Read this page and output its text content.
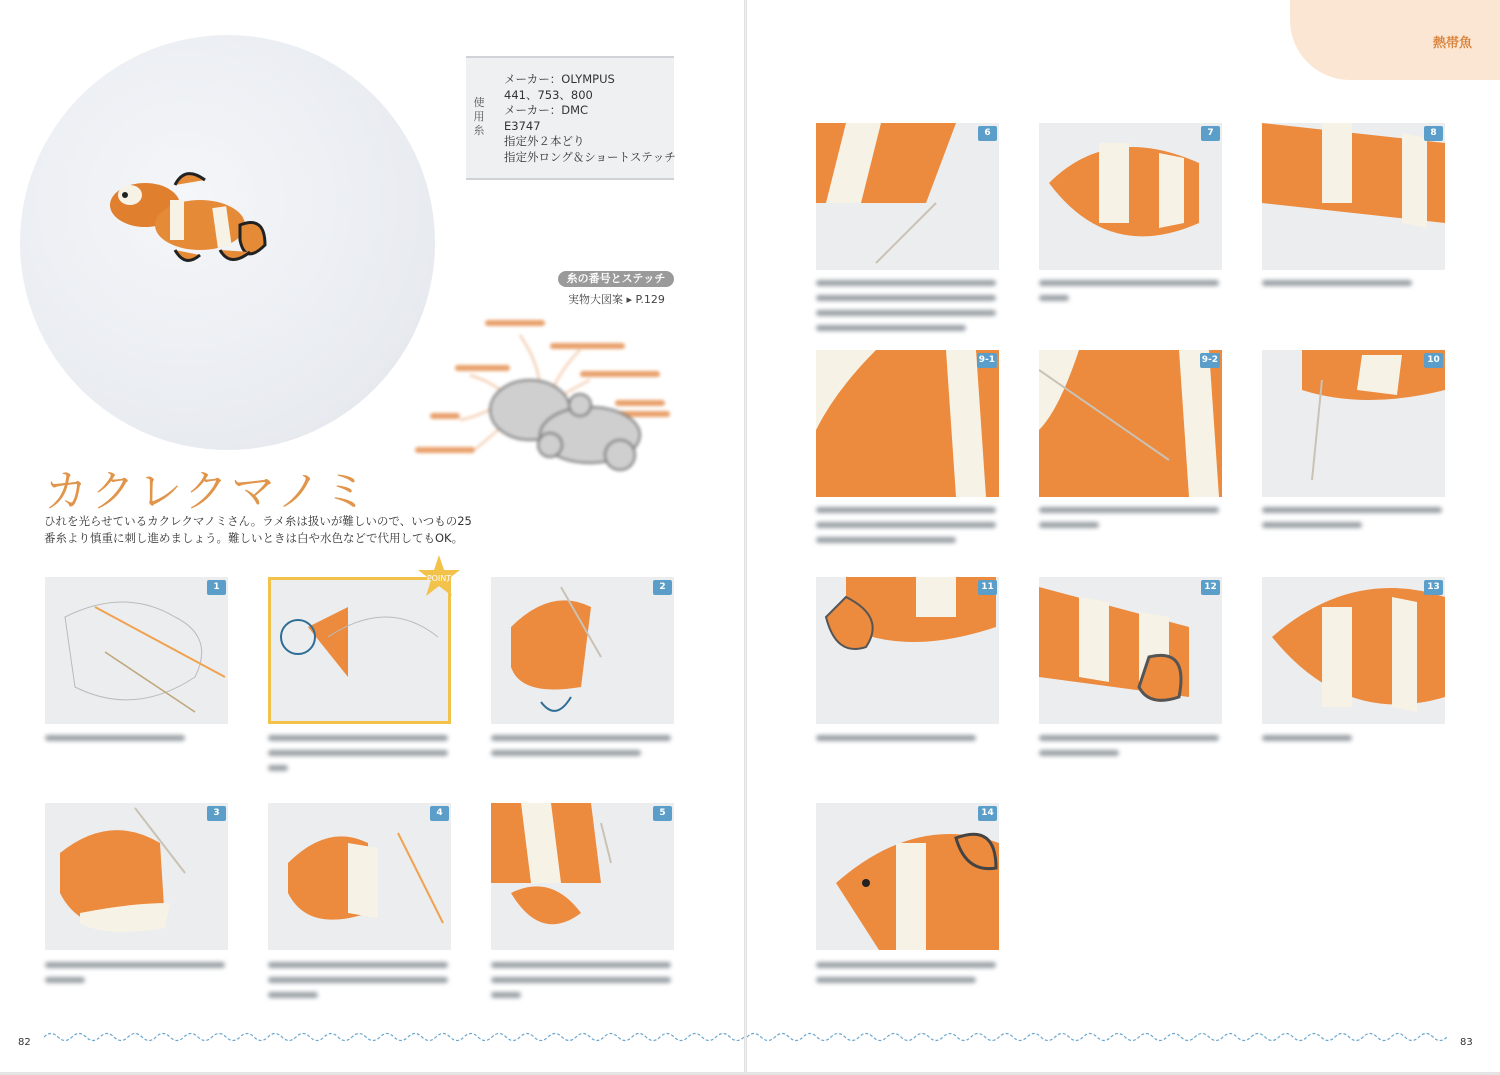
使用糸
メーカー：OLYMPUS
441、753、800
メーカー：DMC
E3747
指定外２本どり
指定外ロング＆ショートステッチ
糸の番号とステッチ
実物大図案 ▸ P.129
カクレクマノミ
ひれを光らせているカクレクマノミさん。ラメ糸は扱いが難しいので、いつもの25番糸より慎重に刺し進めましょう。難しいときは白や水色などで代用してもOK。
1
POINT
2
3	4	5
82
熱帯魚
6	7	8
9-1	9-2	10
11	12	13
14
83
